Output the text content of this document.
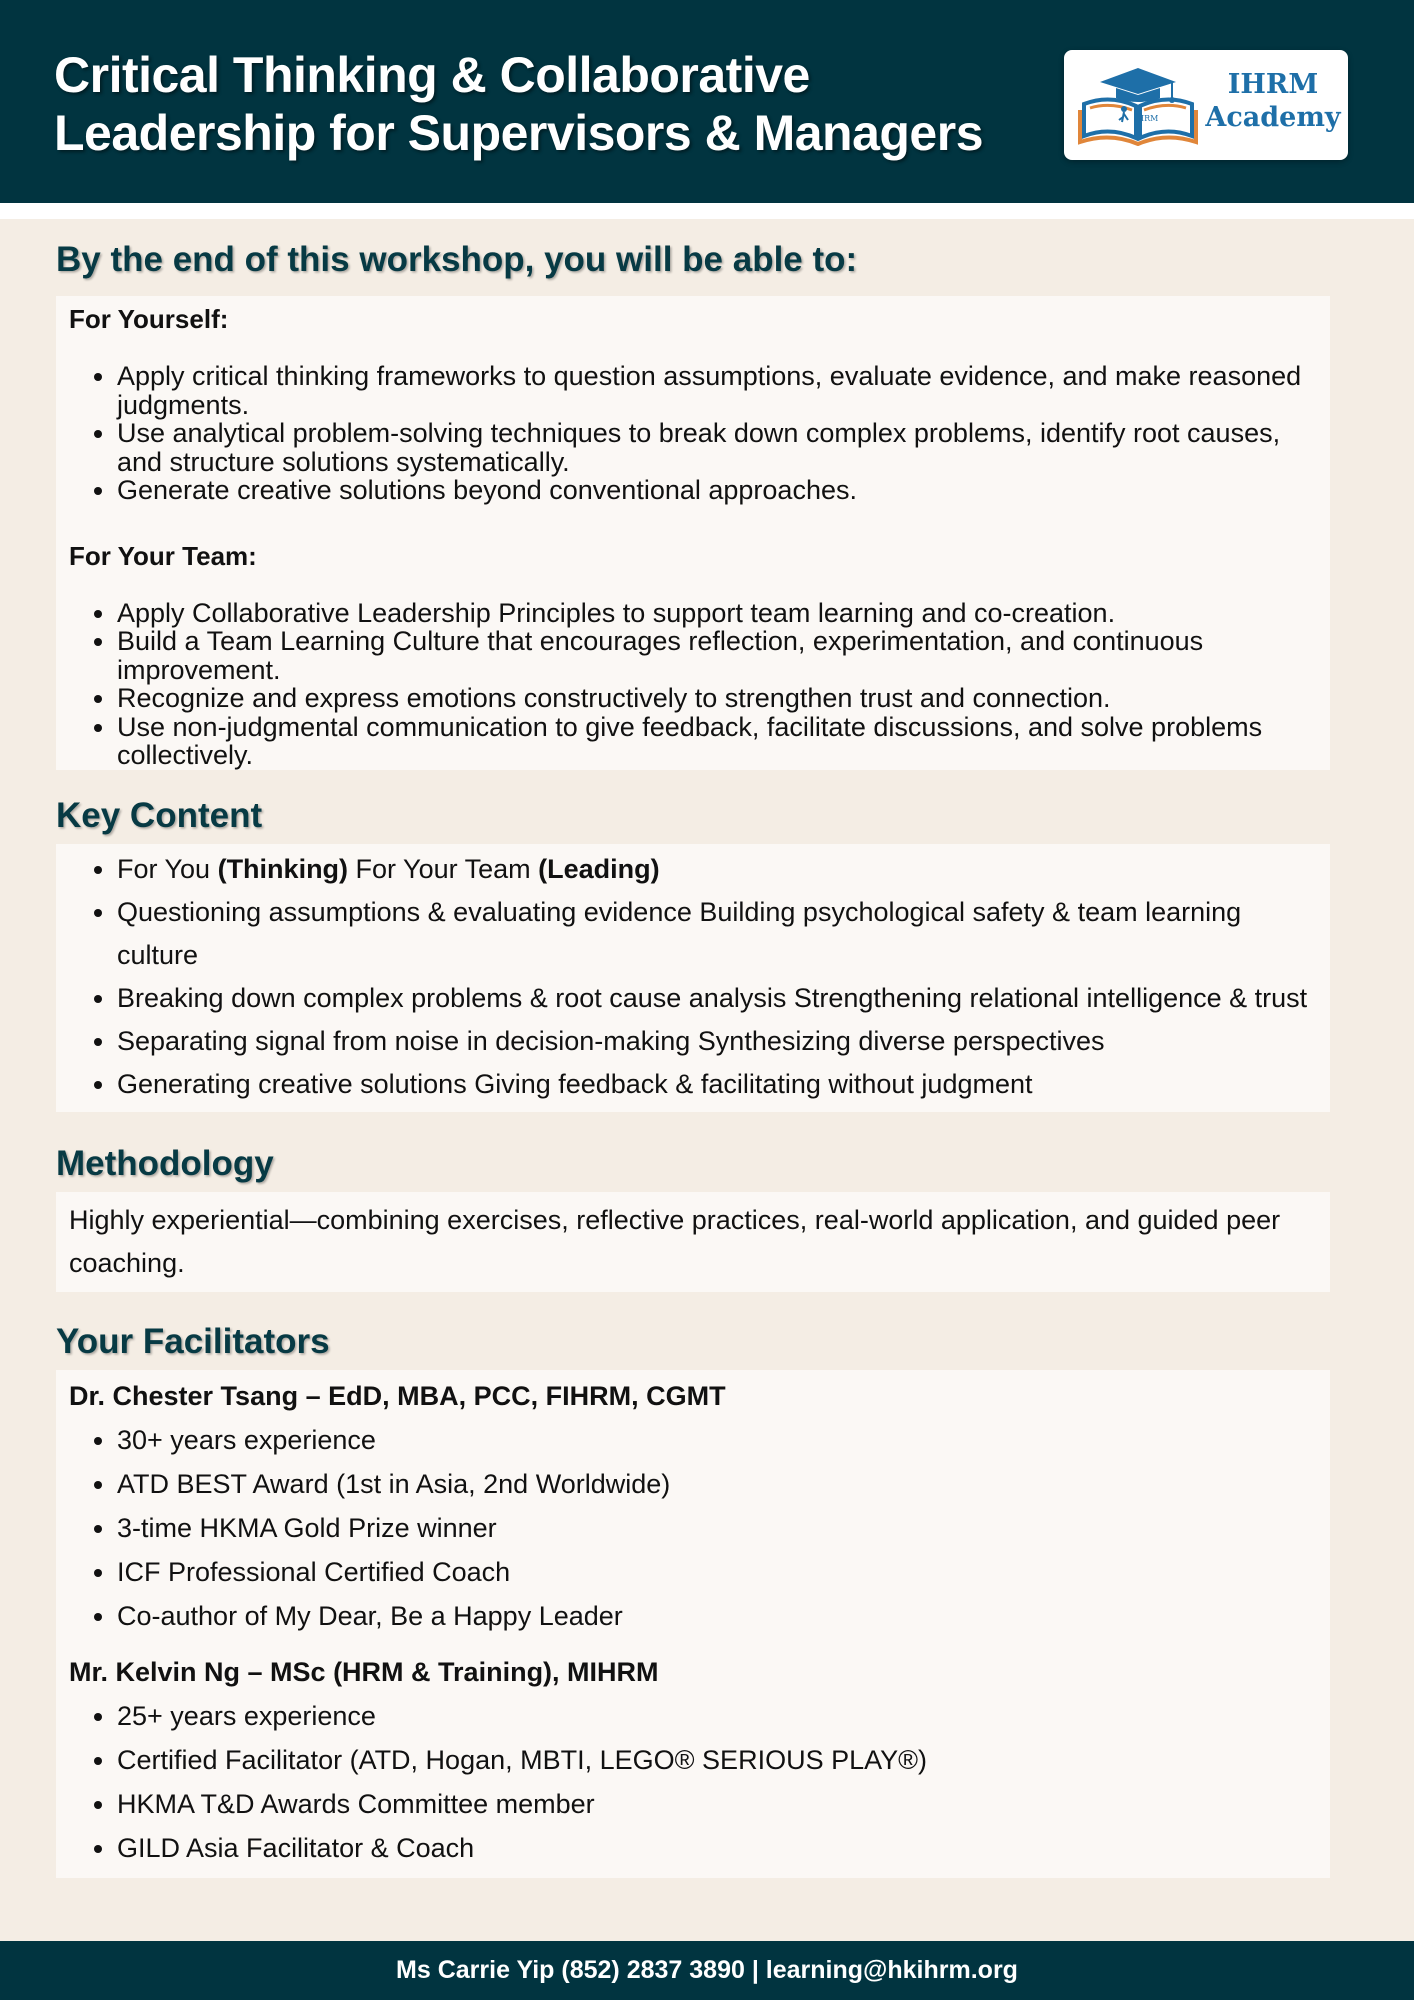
Critical Thinking & Collaborative
Leadership for Supervisors & Managers	IHRM
IHRM
Academy
By the end of this workshop, you will be able to:

For Yourself:

• Apply critical thinking frameworks to question assumptions, evaluate evidence, and make reasoned judgments.
• Use analytical problem-solving techniques to break down complex problems, identify root causes, and structure solutions systematically.
• Generate creative solutions beyond conventional approaches.

For Your Team:

• Apply Collaborative Leadership Principles to support team learning and co-creation.
• Build a Team Learning Culture that encourages reflection, experimentation, and continuous improvement.
• Recognize and express emotions constructively to strengthen trust and connection.
• Use non-judgmental communication to give feedback, facilitate discussions, and solve problems collectively.
Key Content
• For You (Thinking) For Your Team (Leading)
• Questioning assumptions & evaluating evidence Building psychological safety & team learning culture
• Breaking down complex problems & root cause analysis Strengthening relational intelligence & trust
• Separating signal from noise in decision-making Synthesizing diverse perspectives
• Generating creative solutions Giving feedback & facilitating without judgment
Methodology
Highly experiential—combining exercises, reflective practices, real-world application, and guided peer coaching.
Your Facilitators

Dr. Chester Tsang – EdD, MBA, PCC, FIHRM, CGMT

• 30+ years experience
• ATD BEST Award (1st in Asia, 2nd Worldwide)
• 3-time HKMA Gold Prize winner
• ICF Professional Certified Coach
• Co-author of My Dear, Be a Happy Leader

Mr. Kelvin Ng – MSc (HRM & Training), MIHRM

• 25+ years experience
• Certified Facilitator (ATD, Hogan, MBTI, LEGO® SERIOUS PLAY®)
• HKMA T&D Awards Committee member
• GILD Asia Facilitator & Coach
Ms Carrie Yip (852) 2837 3890 | learning@hkihrm.org
